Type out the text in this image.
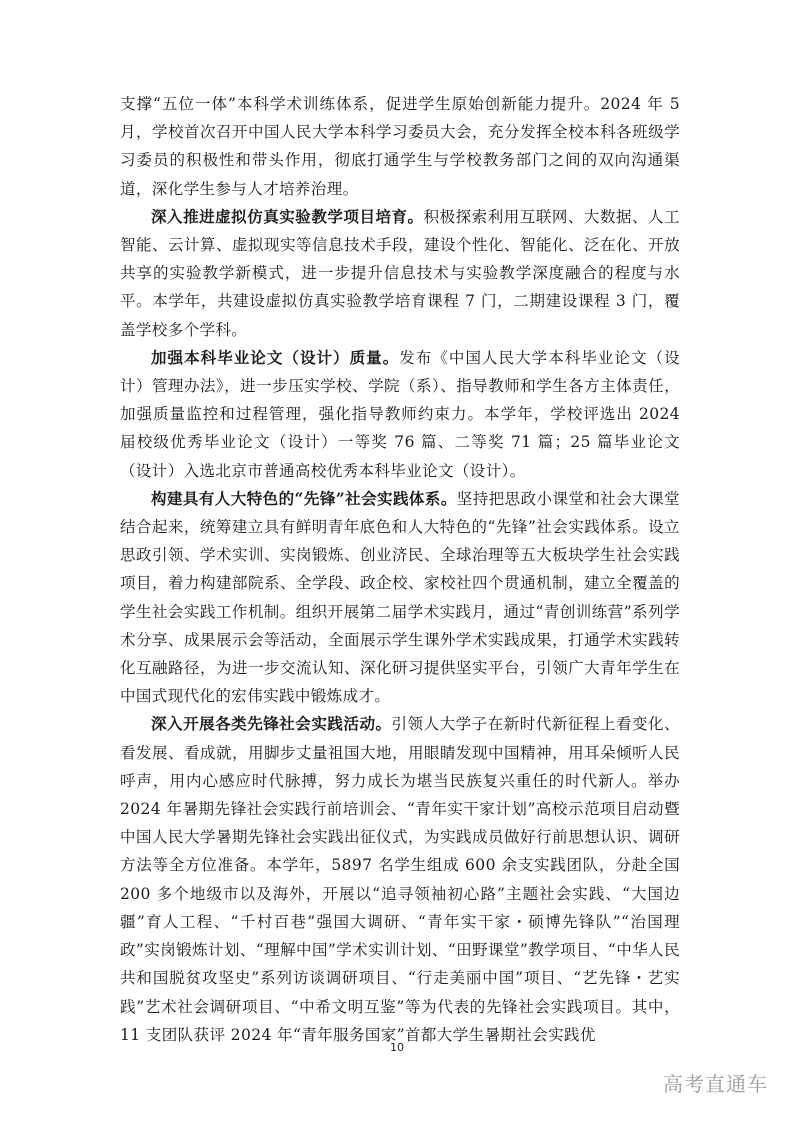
支撑“五位一体”本科学术训练体系，促进学生原始创新能力提升。2024 年 5 月，学校首次召开中国人民大学本科学习委员大会，充分发挥全校本科各班级学习委员的积极性和带头作用，彻底打通学生与学校教务部门之间的双向沟通渠道，深化学生参与人才培养治理。

深入推进虚拟仿真实验教学项目培育。积极探索利用互联网、大数据、人工智能、云计算、虚拟现实等信息技术手段，建设个性化、智能化、泛在化、开放共享的实验教学新模式，进一步提升信息技术与实验教学深度融合的程度与水平。本学年，共建设虚拟仿真实验教学培育课程 7 门，二期建设课程 3 门，覆盖学校多个学科。

加强本科毕业论文（设计）质量。发布《中国人民大学本科毕业论文（设计）管理办法》，进一步压实学校、学院（系）、指导教师和学生各方主体责任，加强质量监控和过程管理，强化指导教师约束力。本学年，学校评选出 2024 届校级优秀毕业论文（设计）一等奖 76 篇、二等奖 71 篇；25 篇毕业论文（设计）入选北京市普通高校优秀本科毕业论文（设计）。

构建具有人大特色的“先锋”社会实践体系。坚持把思政小课堂和社会大课堂结合起来，统筹建立具有鲜明青年底色和人大特色的“先锋”社会实践体系。设立思政引领、学术实训、实岗锻炼、创业济民、全球治理等五大板块学生社会实践项目，着力构建部院系、全学段、政企校、家校社四个贯通机制，建立全覆盖的学生社会实践工作机制。组织开展第二届学术实践月，通过“青创训练营”系列学术分享、成果展示会等活动，全面展示学生课外学术实践成果，打通学术实践转化互融路径，为进一步交流认知、深化研习提供坚实平台，引领广大青年学生在中国式现代化的宏伟实践中锻炼成才。

深入开展各类先锋社会实践活动。引领人大学子在新时代新征程上看变化、看发展、看成就，用脚步丈量祖国大地，用眼睛发现中国精神，用耳朵倾听人民呼声，用内心感应时代脉搏，努力成长为堪当民族复兴重任的时代新人。举办 2024 年暑期先锋社会实践行前培训会、“青年实干家计划”高校示范项目启动暨中国人民大学暑期先锋社会实践出征仪式，为实践成员做好行前思想认识、调研方法等全方位准备。本学年，5897 名学生组成 600 余支实践团队，分赴全国 200 多个地级市以及海外，开展以“追寻领袖初心路”主题社会实践、“大国边疆”育人工程、“千村百巷”强国大调研、“青年实干家・硕博先锋队”“治国理政”实岗锻炼计划、“理解中国”学术实训计划、“田野课堂”教学项目、“中华人民共和国脱贫攻坚史”系列访谈调研项目、“行走美丽中国”项目、“艺先锋・艺实践”艺术社会调研项目、“中希文明互鉴”等为代表的先锋社会实践项目。其中，11 支团队获评 2024 年“青年服务国家”首都大学生暑期社会实践优

10
高考直通车
